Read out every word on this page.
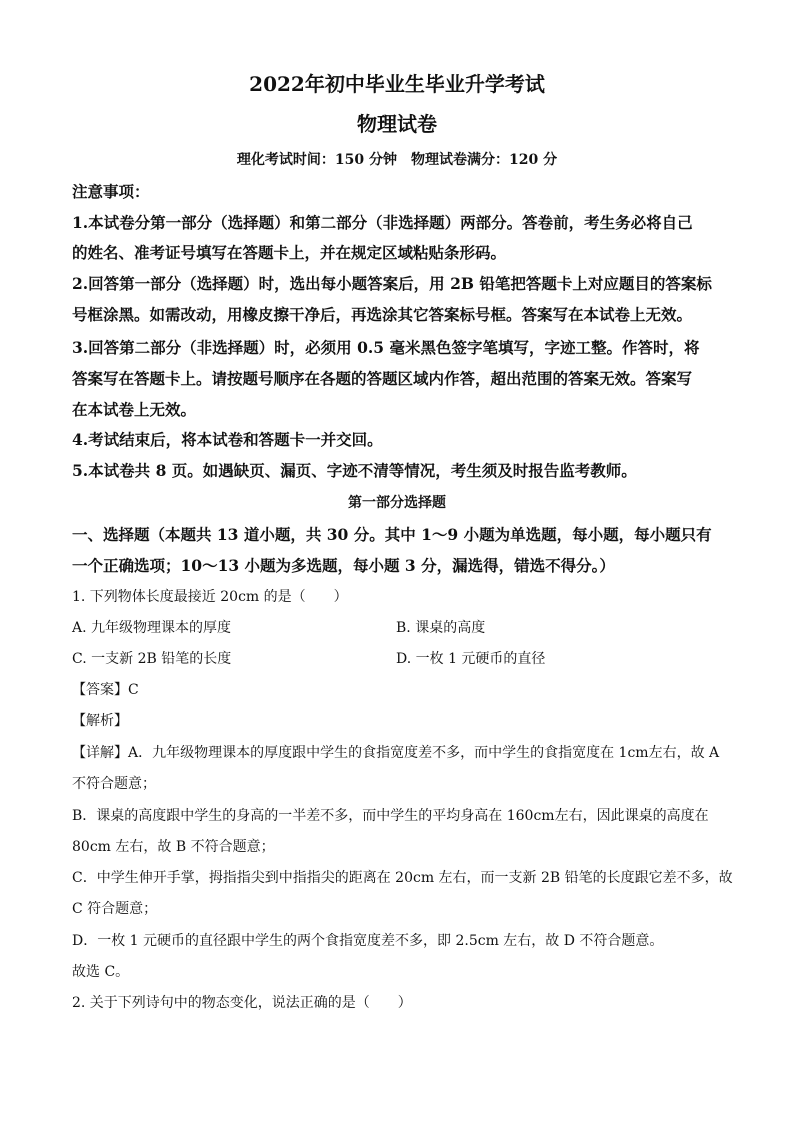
2022年初中毕业生毕业升学考试
物理试卷
理化考试时间：150 分钟　物理试卷满分：120 分
注意事项：
1.本试卷分第一部分（选择题）和第二部分（非选择题）两部分。答卷前，考生务必将自己
的姓名、准考证号填写在答题卡上，并在规定区域粘贴条形码。
2.回答第一部分（选择题）时，选出每小题答案后，用 2B 铅笔把答题卡上对应题目的答案标
号框涂黑。如需改动，用橡皮擦干净后，再选涂其它答案标号框。答案写在本试卷上无效。
3.回答第二部分（非选择题）时，必须用 0.5 毫米黑色签字笔填写，字迹工整。作答时，将
答案写在答题卡上。请按题号顺序在各题的答题区域内作答，超出范围的答案无效。答案写
在本试卷上无效。
4.考试结束后，将本试卷和答题卡一并交回。
5.本试卷共 8 页。如遇缺页、漏页、字迹不清等情况，考生须及时报告监考教师。
第一部分选择题
一、选择题（本题共 13 道小题，共 30 分。其中 1～9 小题为单选题，每小题，每小题只有
一个正确选项；10～13 小题为多选题，每小题 3 分，漏选得，错选不得分。）
1. 下列物体长度最接近 20cm 的是（　　）
A. 九年级物理课本的厚度	B. 课桌的高度
C. 一支新 2B 铅笔的长度	D. 一枚 1 元硬币的直径
【答案】C
【解析】
【详解】A．九年级物理课本的厚度跟中学生的食指宽度差不多，而中学生的食指宽度在 1cm左右，故 A
不符合题意；
B．课桌的高度跟中学生的身高的一半差不多，而中学生的平均身高在 160cm左右，因此课桌的高度在
80cm 左右，故 B 不符合题意；
C．中学生伸开手掌，拇指指尖到中指指尖的距离在 20cm 左右，而一支新 2B 铅笔的长度跟它差不多，故
C 符合题意；
D．一枚 1 元硬币的直径跟中学生的两个食指宽度差不多，即 2.5cm 左右，故 D 不符合题意。
故选 C。
2. 关于下列诗句中的物态变化，说法正确的是（　　）
